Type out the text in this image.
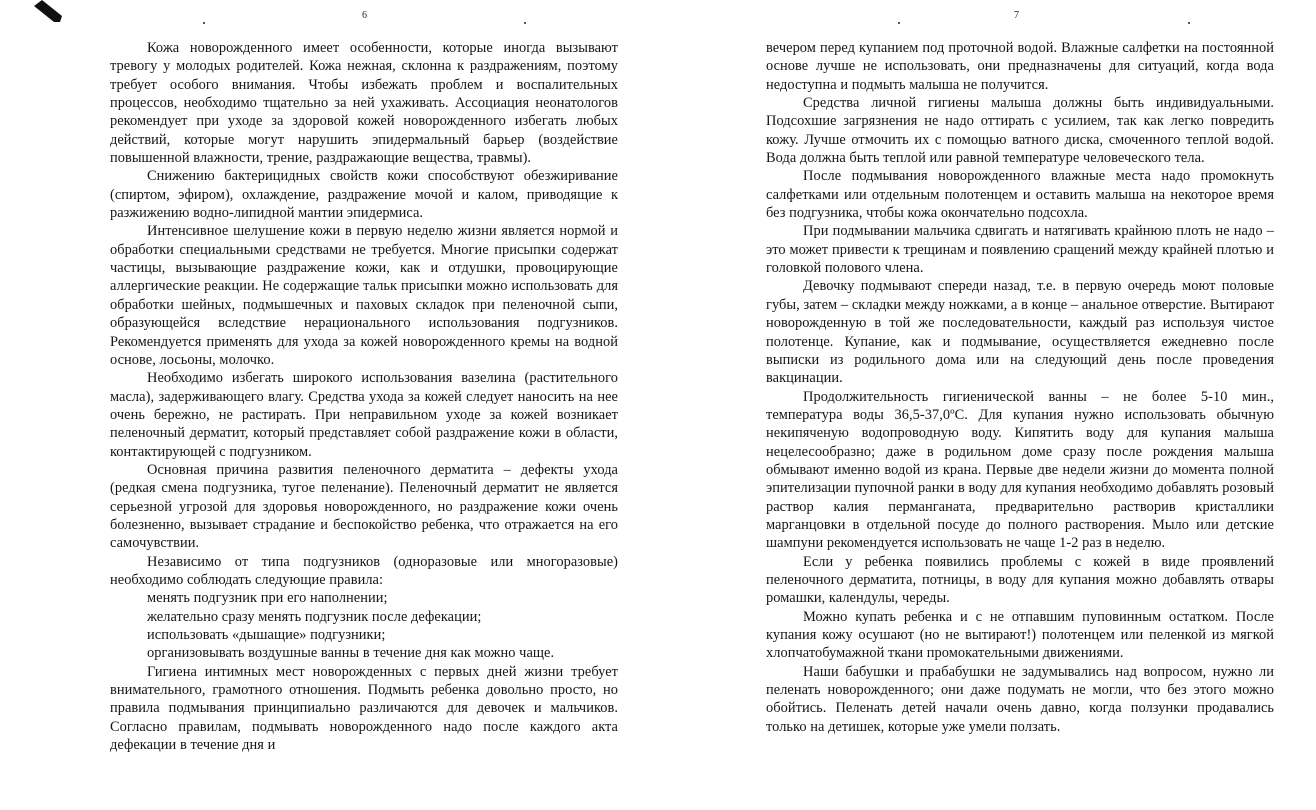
6

Кожа новорожденного имеет особенности, которые иногда вызывают тревогу у молодых родителей. Кожа нежная, склонна к раздражениям, поэтому требует особого внимания. Чтобы избежать проблем и воспалительных процессов, необходимо тщательно за ней ухаживать. Ассоциация неонатологов рекомендует при уходе за здоровой кожей новорожденного избегать любых действий, которые могут нарушить эпидермальный барьер (воздействие повышенной влажности, трение, раздражающие вещества, травмы).

Снижению бактерицидных свойств кожи способствуют обезжиривание (спиртом, эфиром), охлаждение, раздражение мочой и калом, приводящие к разжижению водно-липидной мантии эпидермиса.

Интенсивное шелушение кожи в первую неделю жизни является нормой и обработки специальными средствами не требуется. Многие присыпки содержат частицы, вызывающие раздражение кожи, как и отдушки, провоцирующие аллергические реакции. Не содержащие тальк присыпки можно использовать для обработки шейных, подмышечных и паховых складок при пеленочной сыпи, образующейся вследствие нерационального использования подгузников. Рекомендуется применять для ухода за кожей новорожденного кремы на водной основе, лосьоны, молочко.

Необходимо избегать широкого использования вазелина (растительного масла), задерживающего влагу. Средства ухода за кожей следует наносить на нее очень бережно, не растирать. При неправильном уходе за кожей возникает пеленочный дерматит, который представляет собой раздражение кожи в области, контактирующей с подгузником.

Основная причина развития пеленочного дерматита – дефекты ухода (редкая смена подгузника, тугое пеленание). Пеленочный дерматит не является серьезной угрозой для здоровья новорожденного, но раздражение кожи очень болезненно, вызывает страдание и беспокойство ребенка, что отражается на его самочувствии.

Независимо от типа подгузников (одноразовые или многоразовые) необходимо соблюдать следующие правила:

менять подгузник при его наполнении;

желательно сразу менять подгузник после дефекации;

использовать «дышащие» подгузники;

организовывать воздушные ванны в течение дня как можно чаще.

Гигиена интимных мест новорожденных с первых дней жизни требует внимательного, грамотного отношения. Подмыть ребенка довольно просто, но правила подмывания принципиально различаются для девочек и мальчиков. Согласно правилам, подмывать новорожденного надо после каждого акта дефекации в течение дня и

7

вечером перед купанием под проточной водой. Влажные салфетки на постоянной основе лучше не использовать, они предназначены для ситуаций, когда вода недоступна и подмыть малыша не получится.

Средства личной гигиены малыша должны быть индивидуальными. Подсохшие загрязнения не надо оттирать с усилием, так как легко повредить кожу. Лучше отмочить их с помощью ватного диска, смоченного теплой водой. Вода должна быть теплой или равной температуре человеческого тела.

После подмывания новорожденного влажные места надо промокнуть салфетками или отдельным полотенцем и оставить малыша на некоторое время без подгузника, чтобы кожа окончательно подсохла.

При подмывании мальчика сдвигать и натягивать крайнюю плоть не надо – это может привести к трещинам и появлению сращений между крайней плотью и головкой полового члена.

Девочку подмывают спереди назад, т.е. в первую очередь моют половые губы, затем – складки между ножками, а в конце – анальное отверстие. Вытирают новорожденную в той же последовательности, каждый раз используя чистое полотенце. Купание, как и подмывание, осуществляется ежедневно после выписки из родильного дома или на следующий день после проведения вакцинации.

Продолжительность гигиенической ванны – не более 5-10 мин., температура воды 36,5-37,0ºС. Для купания нужно использовать обычную некипяченую водопроводную воду. Кипятить воду для купания малыша нецелесообразно; даже в родильном доме сразу после рождения малыша обмывают именно водой из крана. Первые две недели жизни до момента полной эпителизации пупочной ранки в воду для купания необходимо добавлять розовый раствор калия перманганата, предварительно растворив кристаллики марганцовки в отдельной посуде до полного растворения. Мыло или детские шампуни рекомендуется использовать не чаще 1-2 раз в неделю.

Если у ребенка появились проблемы с кожей в виде проявлений пеленочного дерматита, потницы, в воду для купания можно добавлять отвары ромашки, календулы, череды.

Можно купать ребенка и с не отпавшим пуповинным остатком. После купания кожу осушают (но не вытирают!) полотенцем или пеленкой из мягкой хлопчатобумажной ткани промокательными движениями.

Наши бабушки и прабабушки не задумывались над вопросом, нужно ли пеленать новорожденного; они даже подумать не могли, что без этого можно обойтись. Пеленать детей начали очень давно, когда ползунки продавались только на детишек, которые уже умели ползать.
